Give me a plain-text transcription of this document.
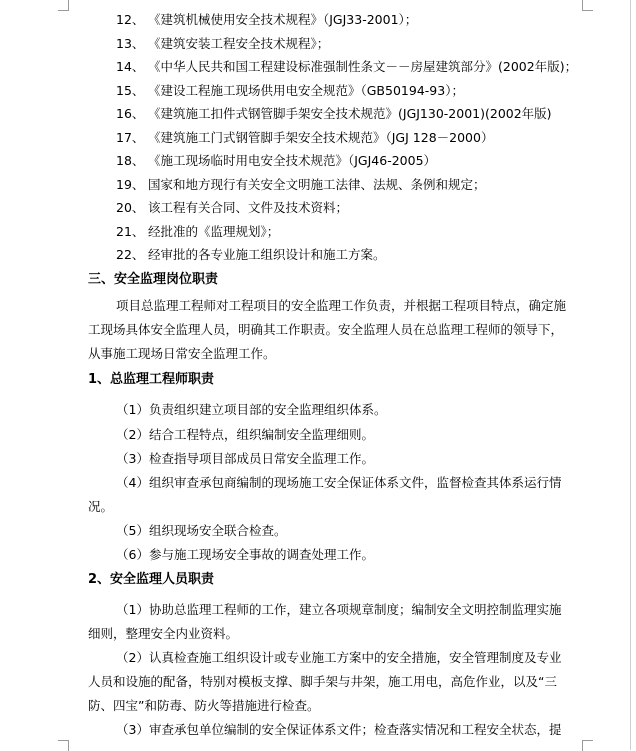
12、 《建筑机械使用安全技术规程》（JGJ33-2001）；
13、 《建筑安装工程安全技术规程》；
14、 《中华人民共和国工程建设标准强制性条文－－房屋建筑部分》(2002年版)；
15、 《建设工程施工现场供用电安全规范》（GB50194-93）；
16、 《建筑施工扣件式钢管脚手架安全技术规范》(JGJ130-2001)(2002年版)
17、 《建筑施工门式钢管脚手架安全技术规范》（JGJ 128－2000）
18、 《施工现场临时用电安全技术规范》（JGJ46-2005）
19、 国家和地方现行有关安全文明施工法律、法规、条例和规定；
20、 该工程有关合同、文件及技术资料；
21、 经批准的《监理规划》；
22、 经审批的各专业施工组织设计和施工方案。
三、安全监理岗位职责
项目总监理工程师对工程项目的安全监理工作负责，并根据工程项目特点，确定施
工现场具体安全监理人员，明确其工作职责。安全监理人员在总监理工程师的领导下，
从事施工现场日常安全监理工作。
1、总监理工程师职责
（1）负责组织建立项目部的安全监理组织体系。
（2）结合工程特点，组织编制安全监理细则。
（3）检查指导项目部成员日常安全监理工作。
（4）组织审查承包商编制的现场施工安全保证体系文件，监督检查其体系运行情
况。
（5）组织现场安全联合检查。
（6）参与施工现场安全事故的调查处理工作。
2、安全监理人员职责
（1）协助总监理工程师的工作，建立各项规章制度；编制安全文明控制监理实施
细则，整理安全内业资料。
（2）认真检查施工组织设计或专业施工方案中的安全措施，安全管理制度及专业
人员和设施的配备，特别对模板支撑、脚手架与井架，施工用电，高危作业，以及“三
防、四宝”和防毒、防火等措施进行检查。
（3）审查承包单位编制的安全保证体系文件；检查落实情况和工程安全状态，提
